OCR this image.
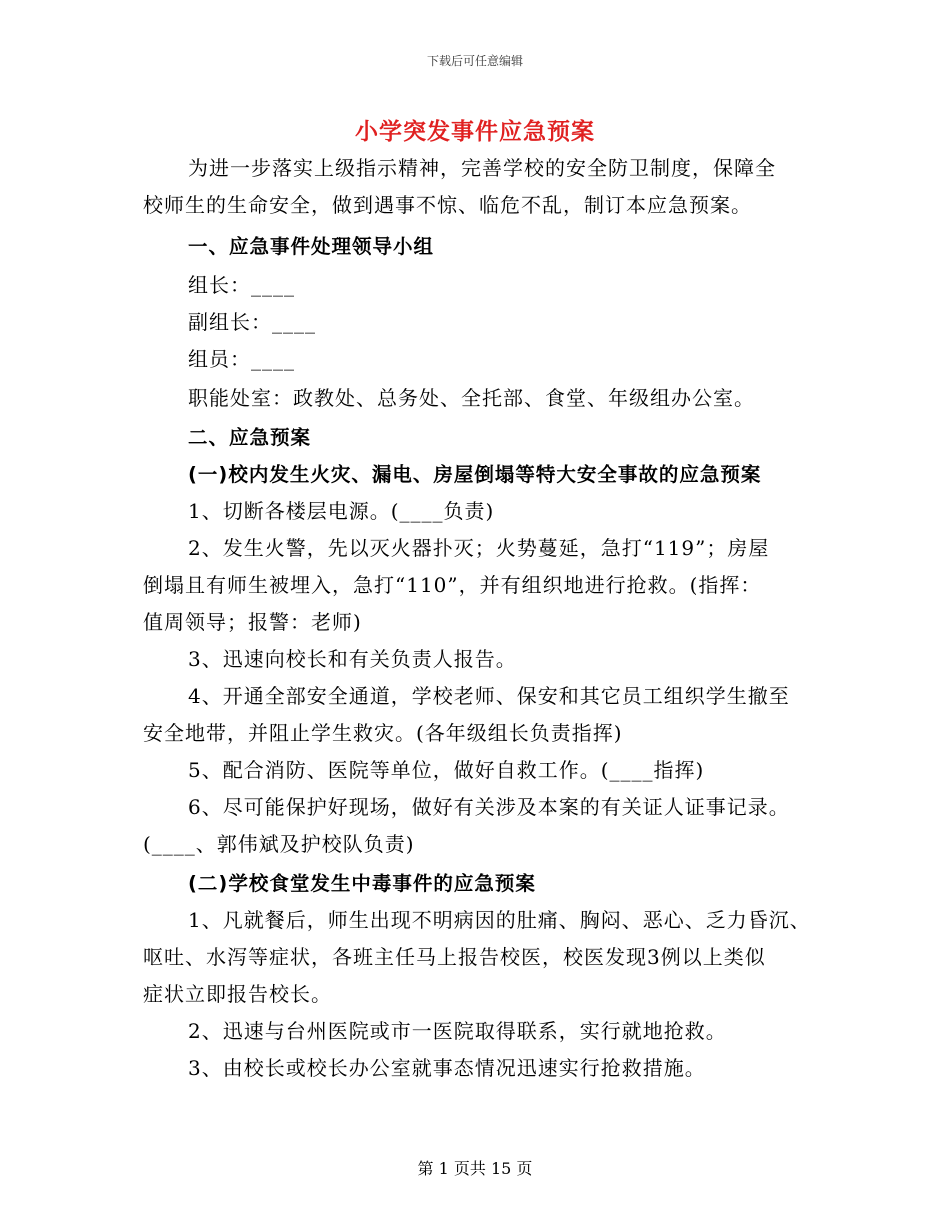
下载后可任意编辑
小学突发事件应急预案
为进一步落实上级指示精神，完善学校的安全防卫制度，保障全
校师生的生命安全，做到遇事不惊、临危不乱，制订本应急预案。
一、应急事件处理领导小组
组长：____
副组长：____
组员：____
职能处室：政教处、总务处、全托部、食堂、年级组办公室。
二、应急预案
(一)校内发生火灾、漏电、房屋倒塌等特大安全事故的应急预案
1、切断各楼层电源。(____负责)
2、发生火警，先以灭火器扑灭；火势蔓延，急打“119”；房屋
倒塌且有师生被埋入，急打“110”，并有组织地进行抢救。(指挥：
值周领导；报警：老师)
3、迅速向校长和有关负责人报告。
4、开通全部安全通道，学校老师、保安和其它员工组织学生撤至
安全地带，并阻止学生救灾。(各年级组长负责指挥)
5、配合消防、医院等单位，做好自救工作。(____指挥)
6、尽可能保护好现场，做好有关涉及本案的有关证人证事记录。
(____、郭伟斌及护校队负责)
(二)学校食堂发生中毒事件的应急预案
1、凡就餐后，师生出现不明病因的肚痛、胸闷、恶心、乏力昏沉、
呕吐、水泻等症状，各班主任马上报告校医，校医发现3例以上类似
症状立即报告校长。
2、迅速与台州医院或市一医院取得联系，实行就地抢救。
3、由校长或校长办公室就事态情况迅速实行抢救措施。
第 1 页共 15 页
